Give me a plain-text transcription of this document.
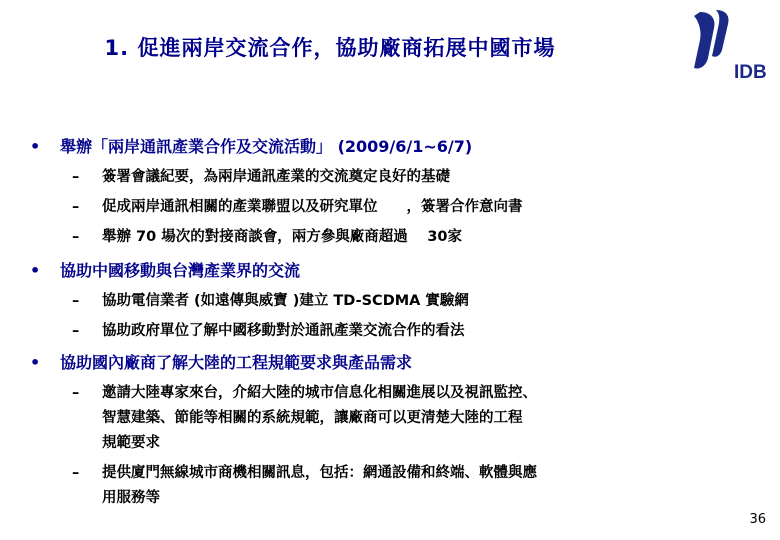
1. 促進兩岸交流合作，協助廠商拓展中國市場
IDB
• 舉辦「兩岸通訊產業合作及交流活動」 (2009/6/1~6/7)
– 簽署會議紀要，為兩岸通訊產業的交流奠定良好的基礎
– 促成兩岸通訊相關的產業聯盟以及研究單位　　，簽署合作意向書
– 舉辦 70 場次的對接商談會，兩方參與廠商超過　 30家
• 協助中國移動與台灣產業界的交流
– 協助電信業者 (如遠傳與威寶 )建立 TD-SCDMA 實驗網
– 協助政府單位了解中國移動對於通訊產業交流合作的看法
• 協助國內廠商了解大陸的工程規範要求與產品需求
– 邀請大陸專家來台，介紹大陸的城市信息化相關進展以及視訊監控、
智慧建築、節能等相關的系統規範，讓廠商可以更清楚大陸的工程
規範要求
– 提供廈門無線城市商機相關訊息，包括：網通設備和終端、軟體與應
用服務等
36
